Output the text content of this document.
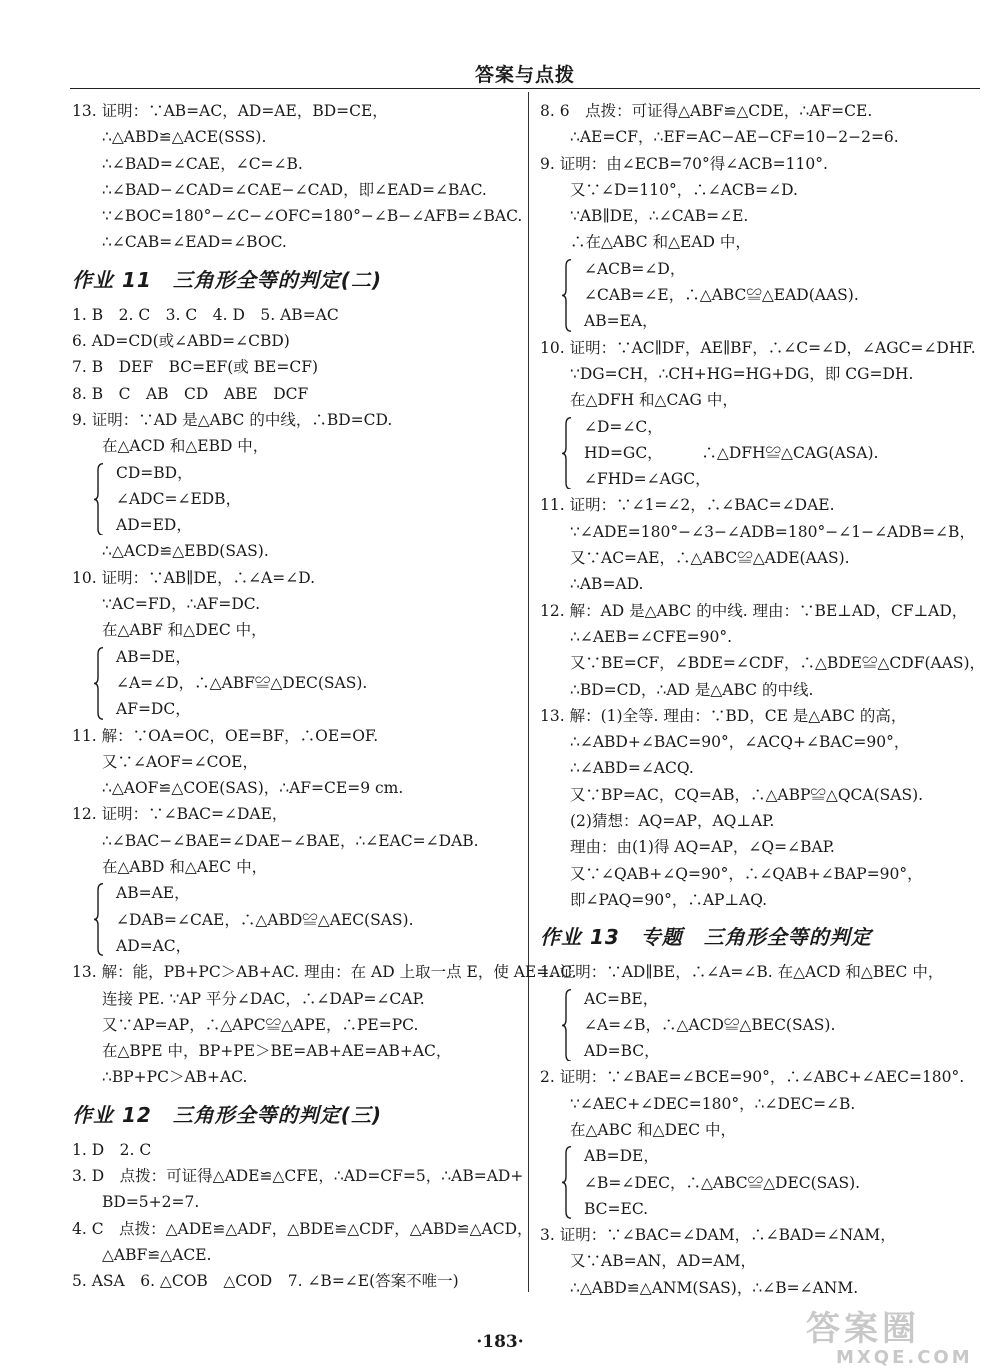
答案与点拨
13. 证明：∵AB=AC，AD=AE，BD=CE，
∴△ABD≌△ACE(SSS).
∴∠BAD=∠CAE，∠C=∠B.
∴∠BAD−∠CAD=∠CAE−∠CAD，即∠EAD=∠BAC.
∵∠BOC=180°−∠C−∠OFC=180°−∠B−∠AFB=∠BAC.
∴∠CAB=∠EAD=∠BOC.
作业 11　三角形全等的判定(二)
1. B　2. C　3. C　4. D　5. AB=AC
6. AD=CD(或∠ABD=∠CBD)
7. B　DEF　BC=EF(或 BE=CF)
8. B　C　AB　CD　ABE　DCF
9. 证明：∵AD 是△ABC 的中线，∴BD=CD.
在△ACD 和△EBD 中，
CD=BD，
∠ADC=∠EDB，
AD=ED，
∴△ACD≌△EBD(SAS).
10. 证明：∵AB∥DE，∴∠A=∠D.
∵AC=FD，∴AF=DC.
在△ABF 和△DEC 中，
AB=DE，
∠A=∠D，∴△ABF≌△DEC(SAS).
AF=DC，
11. 解：∵OA=OC，OE=BF，∴OE=OF.
又∵∠AOF=∠COE，
∴△AOF≌△COE(SAS)，∴AF=CE=9 cm.
12. 证明：∵∠BAC=∠DAE，
∴∠BAC−∠BAE=∠DAE−∠BAE，∴∠EAC=∠DAB.
在△ABD 和△AEC 中，
AB=AE，
∠DAB=∠CAE，∴△ABD≌△AEC(SAS).
AD=AC，
13. 解：能，PB+PC＞AB+AC. 理由：在 AD 上取一点 E，使 AE=AC.
连接 PE. ∵AP 平分∠DAC，∴∠DAP=∠CAP.
又∵AP=AP，∴△APC≌△APE，∴PE=PC.
在△BPE 中，BP+PE＞BE=AB+AE=AB+AC，
∴BP+PC＞AB+AC.
作业 12　三角形全等的判定(三)
1. D　2. C
3. D　点拨：可证得△ADE≌△CFE，∴AD=CF=5，∴AB=AD+
BD=5+2=7.
4. C　点拨：△ADE≌△ADF，△BDE≌△CDF，△ABD≌△ACD，
△ABF≌△ACE.
5. ASA　6. △COB　△COD　7. ∠B=∠E(答案不唯一)
8. 6　点拨：可证得△ABF≌△CDE，∴AF=CE.
∴AE=CF，∴EF=AC−AE−CF=10−2−2=6.
9. 证明：由∠ECB=70°得∠ACB=110°.
又∵∠D=110°，∴∠ACB=∠D.
∵AB∥DE，∴∠CAB=∠E.
∴在△ABC 和△EAD 中，
∠ACB=∠D，
∠CAB=∠E，∴△ABC≌△EAD(AAS).
AB=EA，
10. 证明：∵AC∥DF，AE∥BF，∴∠C=∠D，∠AGC=∠DHF.
∵DG=CH，∴CH+HG=HG+DG，即 CG=DH.
在△DFH 和△CAG 中，
∠D=∠C，
HD=GC，　　　∴△DFH≌△CAG(ASA).
∠FHD=∠AGC，
11. 证明：∵∠1=∠2，∴∠BAC=∠DAE.
∵∠ADE=180°−∠3−∠ADB=180°−∠1−∠ADB=∠B，
又∵AC=AE，∴△ABC≌△ADE(AAS).
∴AB=AD.
12. 解：AD 是△ABC 的中线. 理由：∵BE⊥AD，CF⊥AD，
∴∠AEB=∠CFE=90°.
又∵BE=CF，∠BDE=∠CDF，∴△BDE≌△CDF(AAS)，
∴BD=CD，∴AD 是△ABC 的中线.
13. 解：(1)全等. 理由：∵BD，CE 是△ABC 的高，
∴∠ABD+∠BAC=90°，∠ACQ+∠BAC=90°，
∴∠ABD=∠ACQ.
又∵BP=AC，CQ=AB，∴△ABP≌△QCA(SAS).
(2)猜想：AQ=AP，AQ⊥AP.
理由：由(1)得 AQ=AP，∠Q=∠BAP.
又∵∠QAB+∠Q=90°，∴∠QAB+∠BAP=90°，
即∠PAQ=90°，∴AP⊥AQ.
作业 13　专题　三角形全等的判定
1. 证明：∵AD∥BE，∴∠A=∠B. 在△ACD 和△BEC 中，
AC=BE，
∠A=∠B，∴△ACD≌△BEC(SAS).
AD=BC，
2. 证明：∵∠BAE=∠BCE=90°，∴∠ABC+∠AEC=180°.
∵∠AEC+∠DEC=180°，∴∠DEC=∠B.
在△ABC 和△DEC 中，
AB=DE，
∠B=∠DEC，∴△ABC≌△DEC(SAS).
BC=EC.
3. 证明：∵∠BAC=∠DAM，∴∠BAD=∠NAM，
又∵AB=AN，AD=AM，
∴△ABD≌△ANM(SAS)，∴∠B=∠ANM.
·183·	答案圈
MXQE.COM
